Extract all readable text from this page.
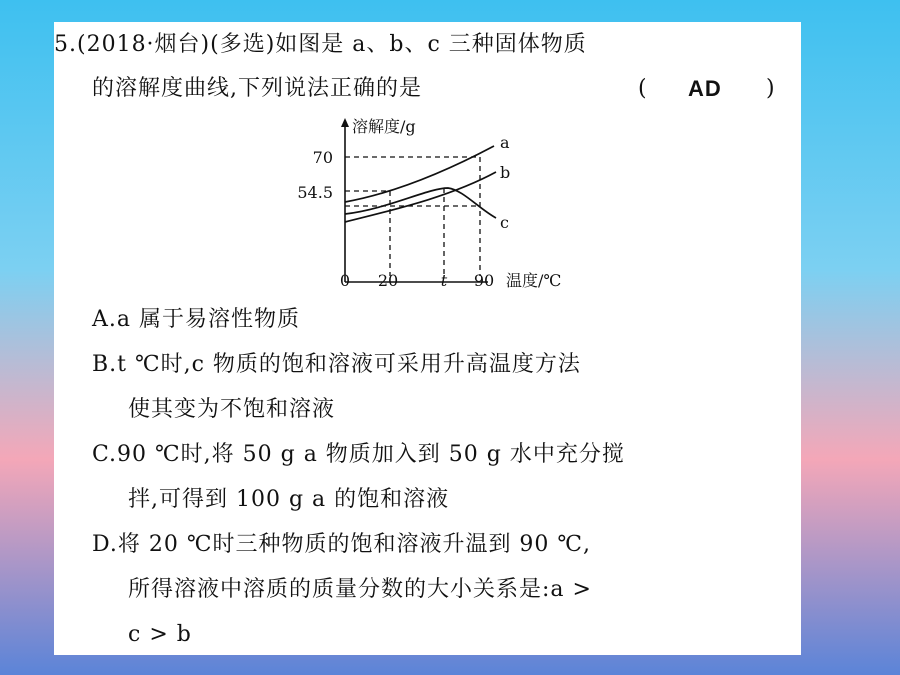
5.(2018·烟台)(多选)如图是 a、b、c 三种固体物质
的溶解度曲线,下列说法正确的是	( AD )
溶解度/g
温度/℃
70
54.5
0 20	t 90
a
b
c
A.a 属于易溶性物质
B.t ℃时,c 物质的饱和溶液可采用升高温度方法
使其变为不饱和溶液
C.90 ℃时,将 50 g a 物质加入到 50 g 水中充分搅
拌,可得到 100 g a 的饱和溶液
D.将 20 ℃时三种物质的饱和溶液升温到 90 ℃,
所得溶液中溶质的质量分数的大小关系是:a >
c > b
